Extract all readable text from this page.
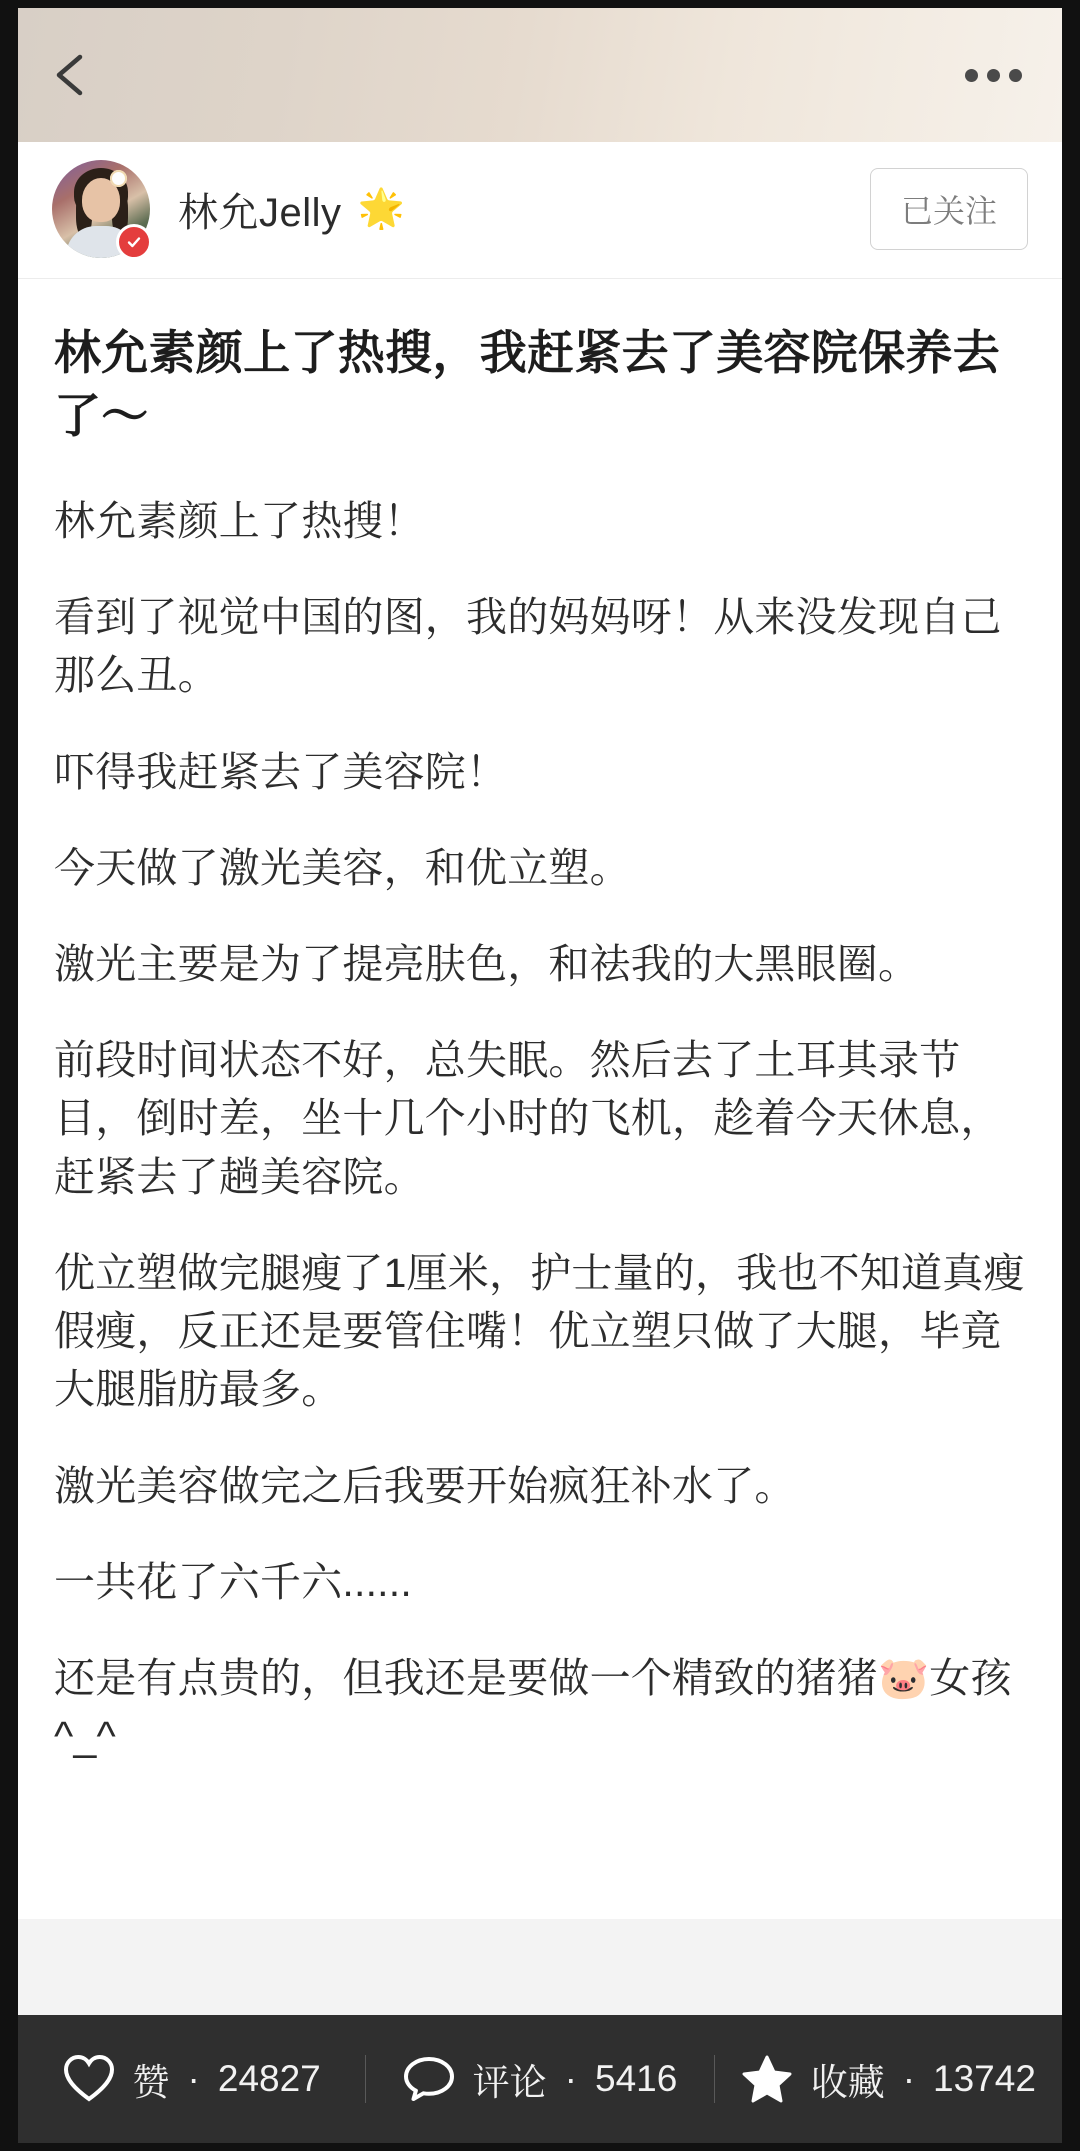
林允Jelly 🌟	已关注
林允素颜上了热搜，我赶紧去了美容院保养去了～

林允素颜上了热搜！

看到了视觉中国的图，我的妈妈呀！从来没发现自己那么丑。

吓得我赶紧去了美容院！

今天做了激光美容，和优立塑。

激光主要是为了提亮肤色，和祛我的大黑眼圈。

前段时间状态不好，总失眠。然后去了土耳其录节目，倒时差，坐十几个小时的飞机，趁着今天休息，赶紧去了趟美容院。

优立塑做完腿瘦了1厘米，护士量的，我也不知道真瘦假瘦，反正还是要管住嘴！优立塑只做了大腿，毕竟大腿脂肪最多。

激光美容做完之后我要开始疯狂补水了。

一共花了六千六......

还是有点贵的，但我还是要做一个精致的猪猪🐷女孩^_^

赞 · 24827	评论 · 5416	收藏 · 13742
